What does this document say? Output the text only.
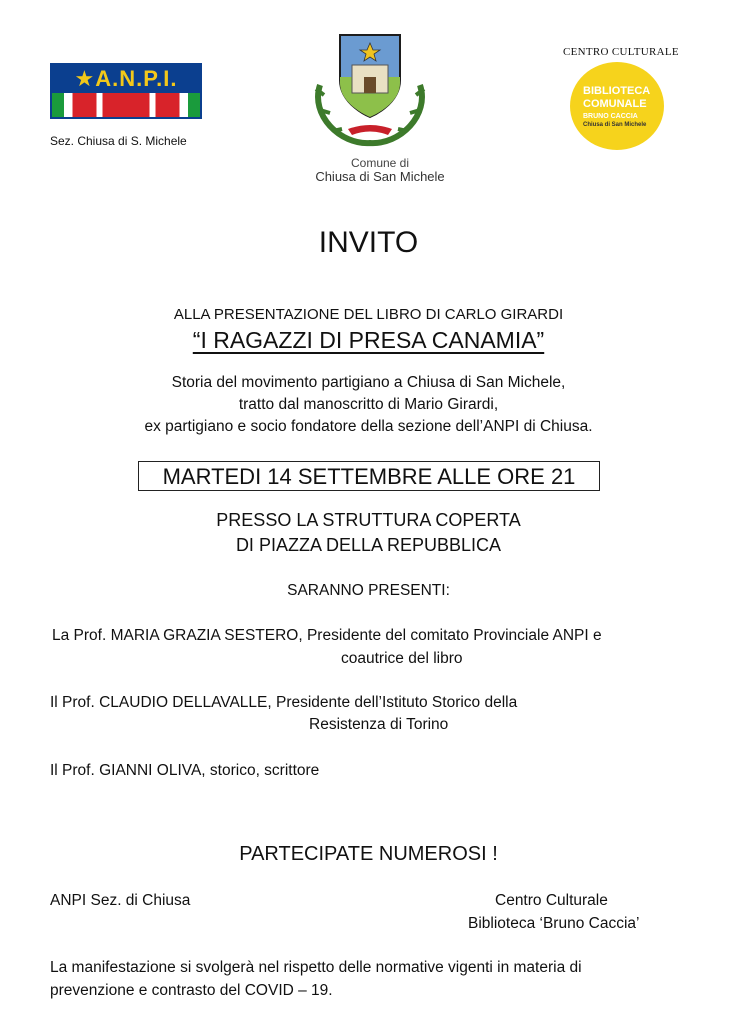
★A.N.P.I.
Sez. Chiusa di S. Michele
Comune di
Chiusa di San Michele
CENTRO CULTURALE
BIBLIOTECA
COMUNALE
BRUNO CACCIA
Chiusa di San Michele
INVITO
ALLA PRESENTAZIONE DEL LIBRO DI CARLO GIRARDI
“I RAGAZZI DI PRESA CANAMIA”
Storia del movimento partigiano a Chiusa di San Michele,
tratto dal manoscritto di Mario Girardi,
ex partigiano e socio fondatore della sezione dell’ANPI di Chiusa.
MARTEDI 14 SETTEMBRE ALLE ORE 21
PRESSO LA STRUTTURA COPERTA
DI PIAZZA DELLA REPUBBLICA
SARANNO PRESENTI:
La Prof. MARIA GRAZIA SESTERO, Presidente del comitato Provinciale ANPI e
coautrice del libro
Il Prof. CLAUDIO DELLAVALLE, Presidente dell’Istituto Storico della
Resistenza di Torino
Il Prof. GIANNI OLIVA, storico, scrittore
PARTECIPATE NUMEROSI !
ANPI Sez. di Chiusa	Centro Culturale
Biblioteca ‘Bruno Caccia’
La manifestazione si svolgerà nel rispetto delle normative vigenti in materia di
prevenzione e contrasto del COVID – 19.
